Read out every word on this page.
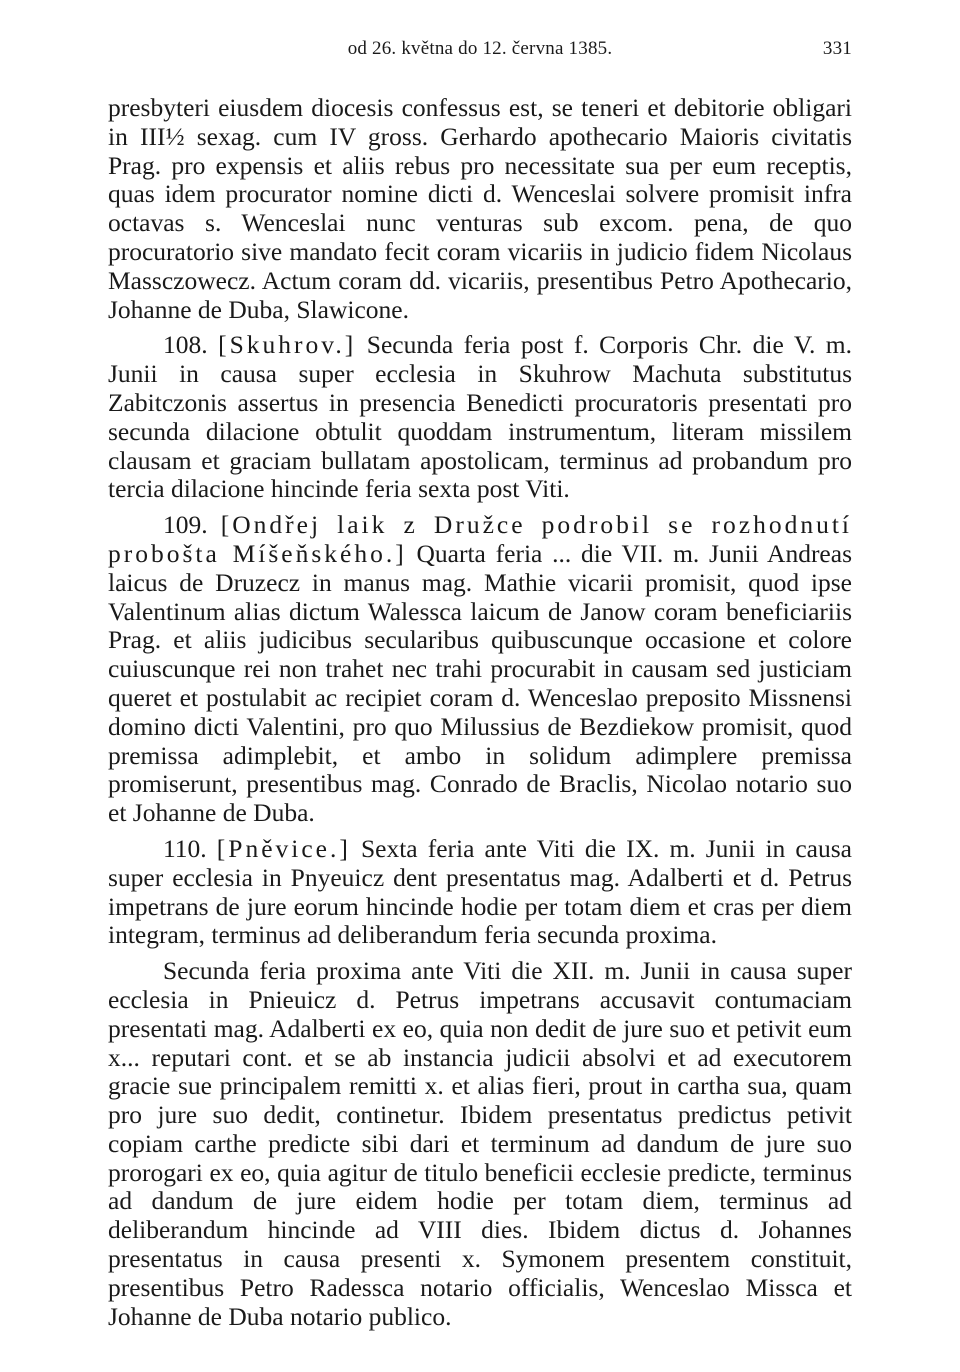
od 26. května do 12. června 1385.	331

presbyteri eiusdem diocesis confessus est, se teneri et debitorie obligari in III½ sexag. cum IV gross. Gerhardo apothecario Maioris civitatis Prag. pro expensis et aliis rebus pro necessitate sua per eum receptis, quas idem procurator nomine dicti d. Wenceslai solvere promisit infra octavas s. Wenceslai nunc venturas sub excom. pena, de quo procuratorio sive mandato fecit coram vicariis in judicio fidem Nicolaus Massczowecz. Actum coram dd. vicariis, presentibus Petro Apothecario, Johanne de Duba, Slawicone.

108. [Skuhrov.] Secunda feria post f. Corporis Chr. die V. m. Junii in causa super ecclesia in Skuhrow Machuta substitutus Zabitczonis assertus in presencia Benedicti procuratoris presentati pro secunda dilacione obtulit quoddam instrumentum, literam missilem clausam et graciam bullatam apostolicam, terminus ad probandum pro tercia dilacione hincinde feria sexta post Viti.

109. [Ondřej laik z Družce podrobil se rozhodnutí proboštа Míšeňského.] Quarta feria ... die VII. m. Junii Andreas laicus de Druzecz in manus mag. Mathie vicarii promisit, quod ipse Valentinum alias dictum Walessca laicum de Janow coram beneficiariis Prag. et aliis judicibus secularibus quibuscunque occasione et colore cuiuscunque rei non trahet nec trahi procurabit in causam sed justiciam queret et postulabit ac recipiet coram d. Wenceslao preposito Missnensi domino dicti Valentini, pro quo Milussius de Bezdiekow promisit, quod premissa adimplebit, et ambo in solidum adimplere premissa promiserunt, presentibus mag. Conrado de Braclis, Nicolao notario suo et Johanne de Duba.

110. [Pněvice.] Sexta feria ante Viti die IX. m. Junii in causa super ecclesia in Pnyeuicz dent presentatus mag. Adalberti et d. Petrus impetrans de jure eorum hincinde hodie per totam diem et cras per diem integram, terminus ad deliberandum feria secunda proxima.

Secunda feria proxima ante Viti die XII. m. Junii in causa super ecclesia in Pnieuicz d. Petrus impetrans accusavit contumaciam presentati mag. Adalberti ex eo, quia non dedit de jure suo et petivit eum x... reputari cont. et se ab instancia judicii absolvi et ad executorem gracie sue principalem remitti x. et alias fieri, prout in cartha sua, quam pro jure suo dedit, continetur. Ibidem presentatus predictus petivit copiam carthe predicte sibi dari et terminum ad dandum de jure suo prorogari ex eo, quia agitur de titulo beneficii ecclesie predicte, terminus ad dandum de jure eidem hodie per totam diem, terminus ad deliberandum hincinde ad VIII dies. Ibidem dictus d. Johannes presentatus in causa presenti x. Symonem presentem constituit, presentibus Petro Radessca notario officialis, Wenceslao Missca et Johanne de Duba notario publico.
